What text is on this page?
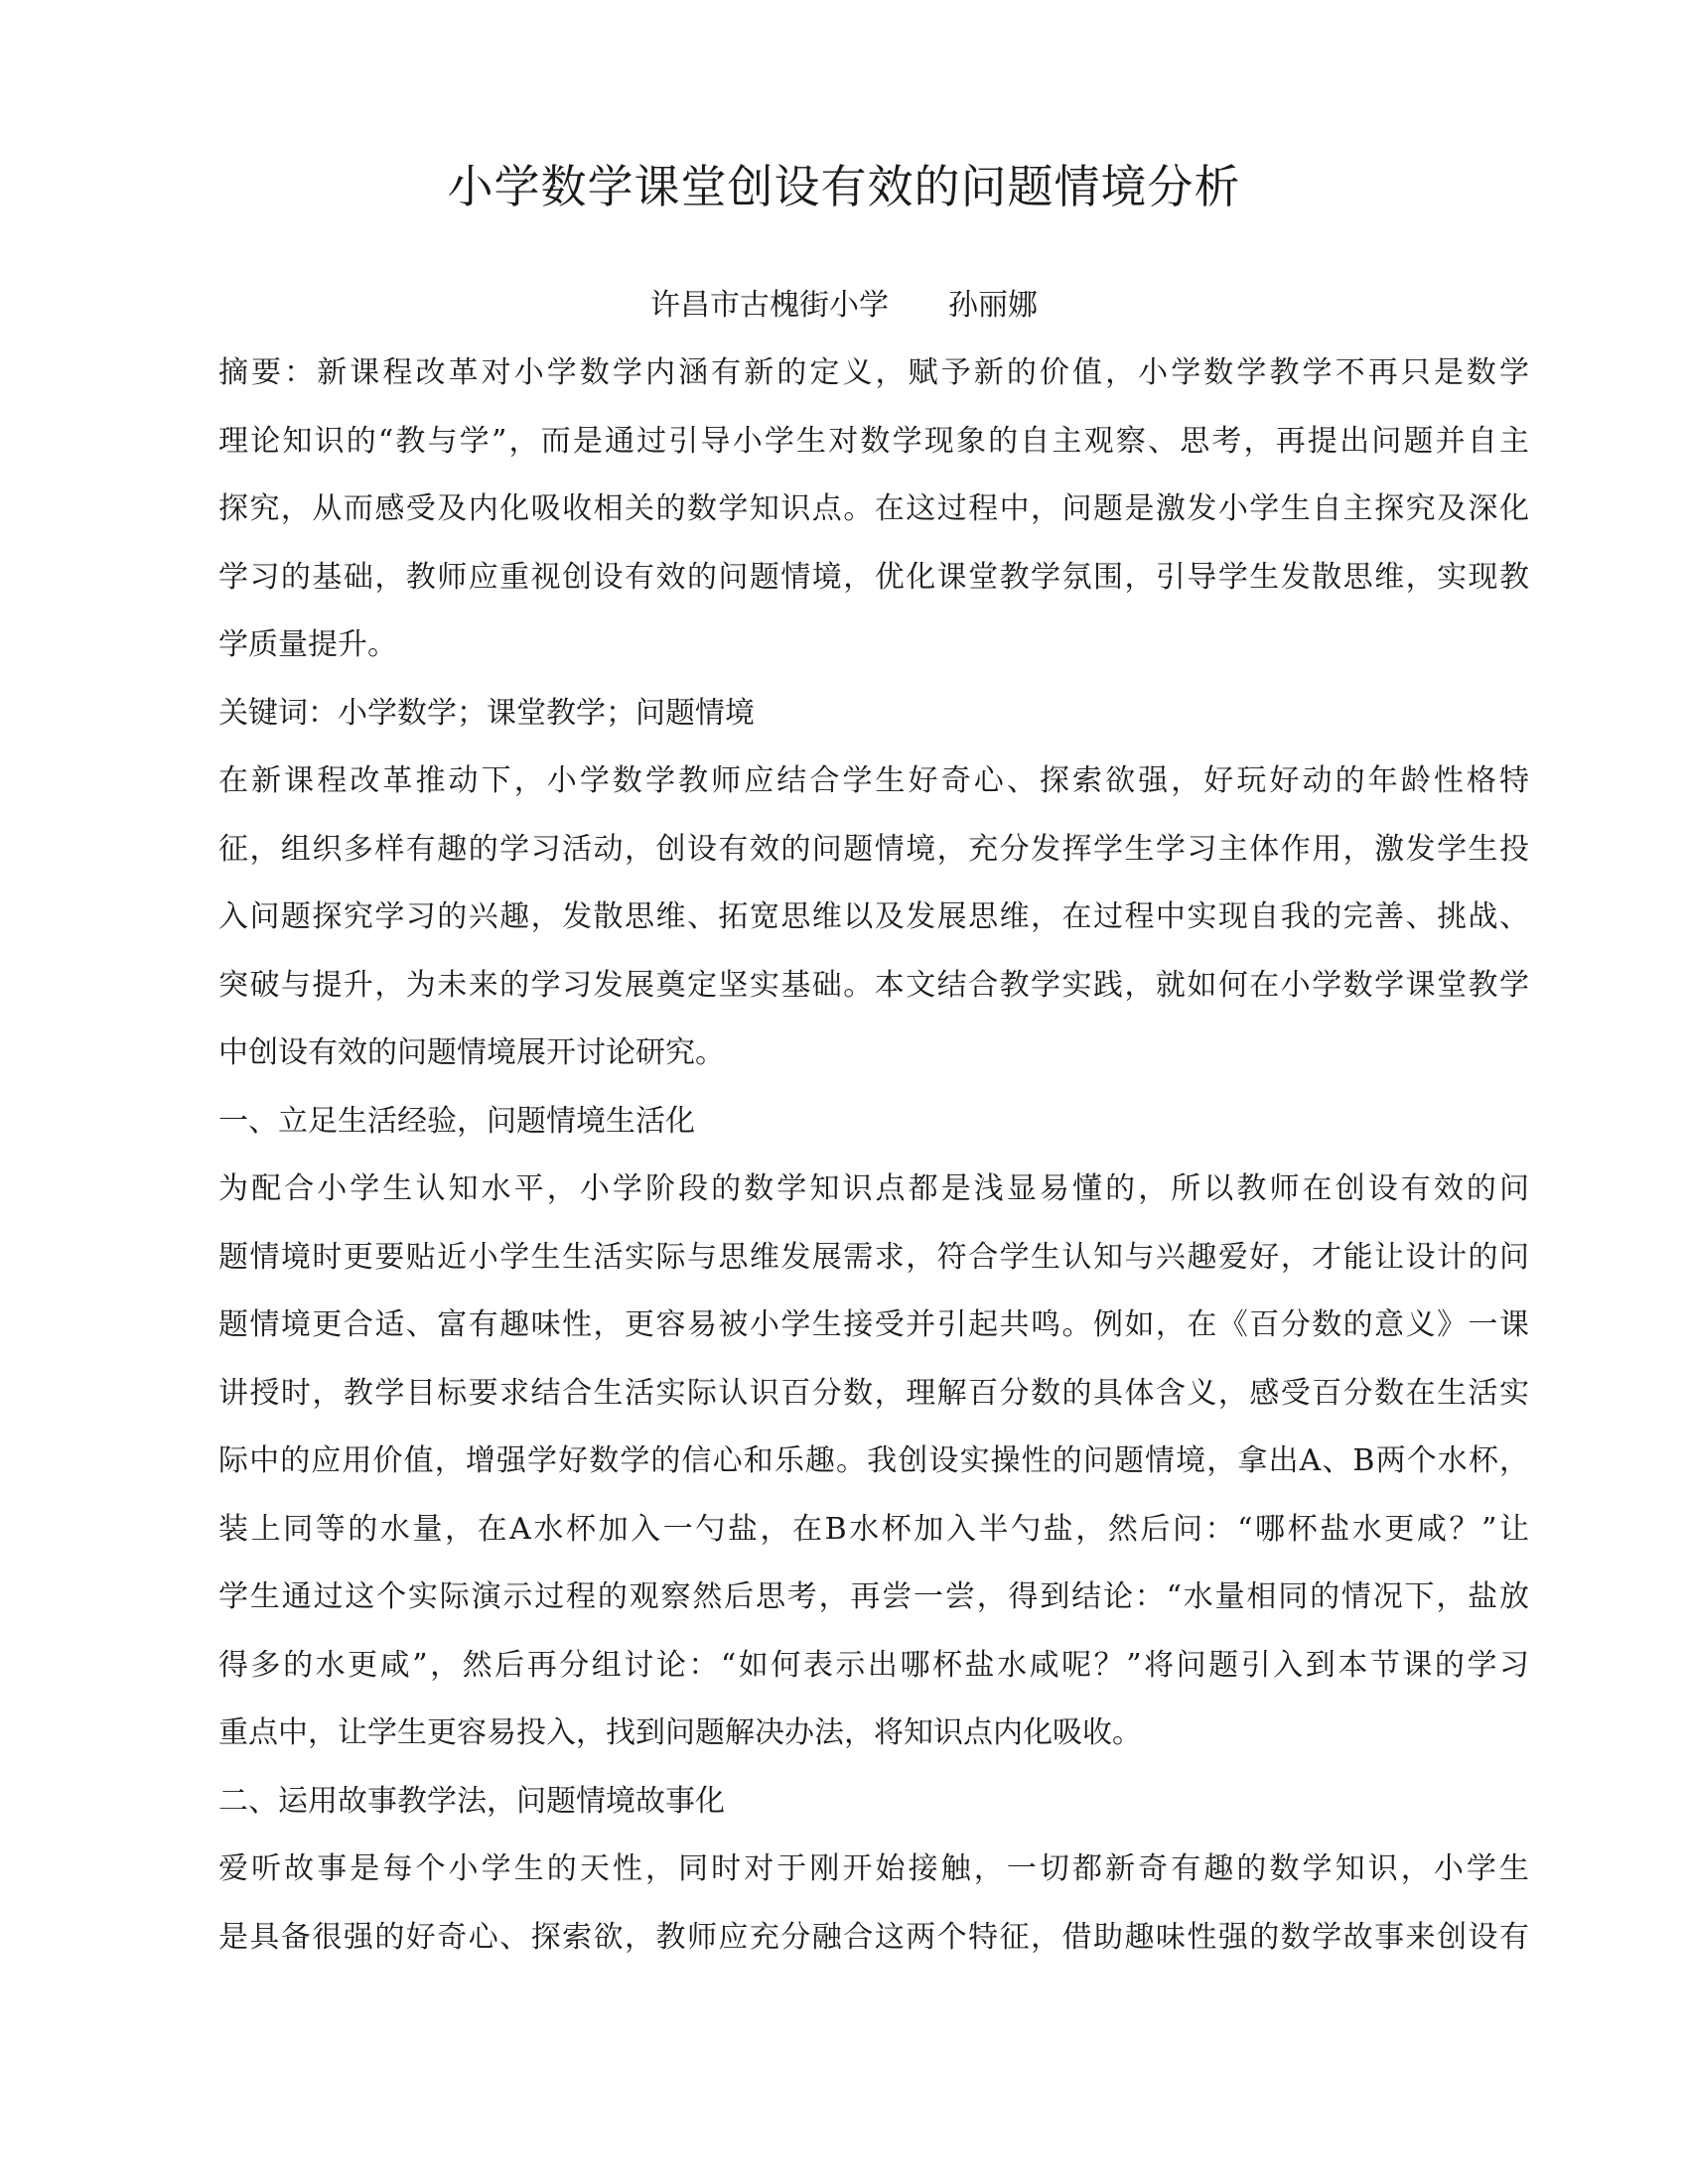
小学数学课堂创设有效的问题情境分析
许昌市古槐街小学　　孙丽娜

摘要：新课程改革对小学数学内涵有新的定义，赋予新的价值，小学数学教学不再只是数学
理论知识的“教与学”，而是通过引导小学生对数学现象的自主观察、思考，再提出问题并自主
探究，从而感受及内化吸收相关的数学知识点。在这过程中，问题是激发小学生自主探究及深化
学习的基础，教师应重视创设有效的问题情境，优化课堂教学氛围，引导学生发散思维，实现教
学质量提升。

关键词：小学数学；课堂教学；问题情境

在新课程改革推动下，小学数学教师应结合学生好奇心、探索欲强，好玩好动的年龄性格特
征，组织多样有趣的学习活动，创设有效的问题情境，充分发挥学生学习主体作用，激发学生投
入问题探究学习的兴趣，发散思维、拓宽思维以及发展思维，在过程中实现自我的完善、挑战、
突破与提升，为未来的学习发展奠定坚实基础。本文结合教学实践，就如何在小学数学课堂教学
中创设有效的问题情境展开讨论研究。

一、立足生活经验，问题情境生活化

为配合小学生认知水平，小学阶段的数学知识点都是浅显易懂的，所以教师在创设有效的问
题情境时更要贴近小学生生活实际与思维发展需求，符合学生认知与兴趣爱好，才能让设计的问
题情境更合适、富有趣味性，更容易被小学生接受并引起共鸣。例如，在《百分数的意义》一课
讲授时，教学目标要求结合生活实际认识百分数，理解百分数的具体含义，感受百分数在生活实
际中的应用价值，增强学好数学的信心和乐趣。我创设实操性的问题情境，拿出A、B两个水杯，
装上同等的水量，在A水杯加入一勺盐，在B水杯加入半勺盐，然后问：“哪杯盐水更咸？”让
学生通过这个实际演示过程的观察然后思考，再尝一尝，得到结论：“水量相同的情况下，盐放
得多的水更咸”，然后再分组讨论：“如何表示出哪杯盐水咸呢？”将问题引入到本节课的学习
重点中，让学生更容易投入，找到问题解决办法，将知识点内化吸收。

二、运用故事教学法，问题情境故事化

爱听故事是每个小学生的天性，同时对于刚开始接触，一切都新奇有趣的数学知识，小学生
是具备很强的好奇心、探索欲，教师应充分融合这两个特征，借助趣味性强的数学故事来创设有
